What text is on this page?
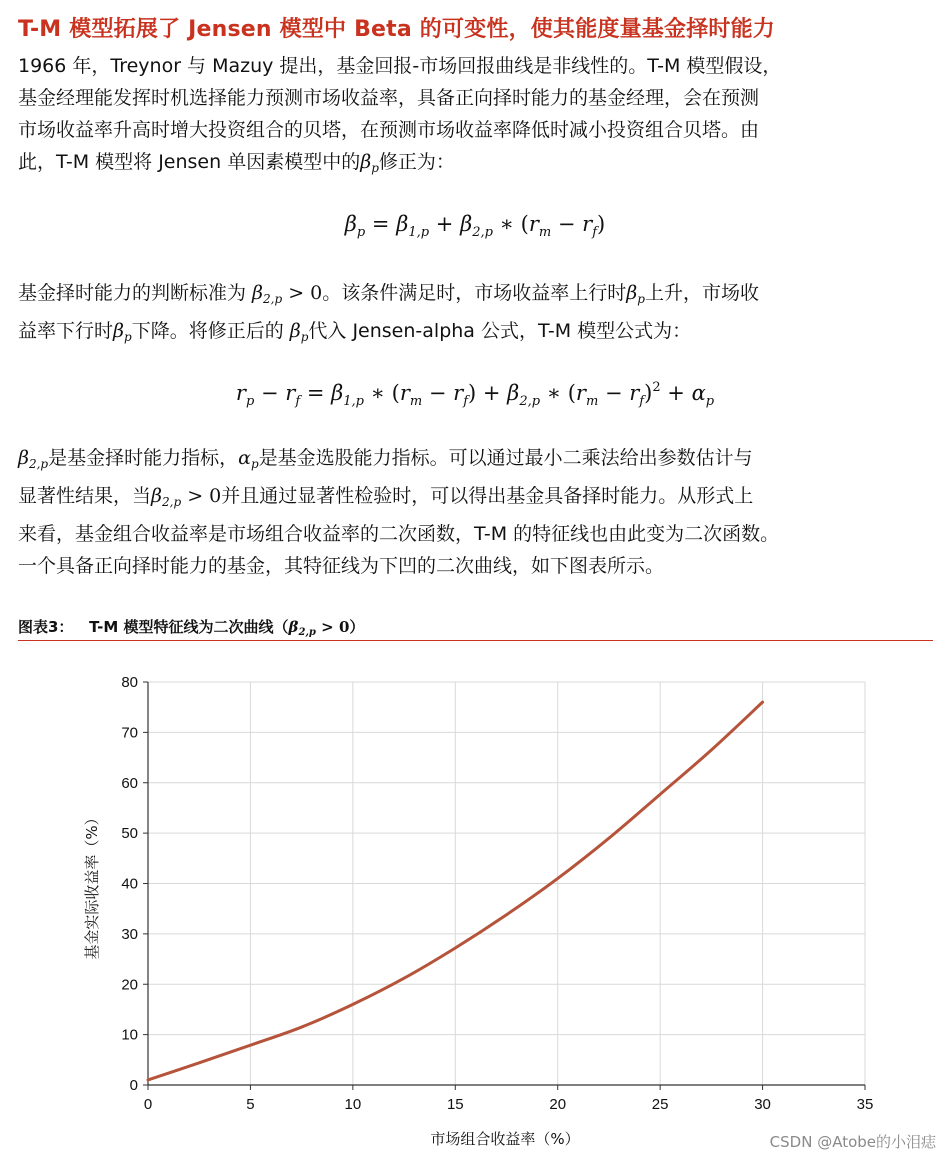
T-M 模型拓展了 Jensen 模型中 Beta 的可变性，使其能度量基金择时能力
1966 年，Treynor 与 Mazuy 提出，基金回报-市场回报曲线是非线性的。T-M 模型假设，
基金经理能发挥时机选择能力预测市场收益率，具备正向择时能力的基金经理，会在预测
市场收益率升高时增大投资组合的贝塔，在预测市场收益率降低时减小投资组合贝塔。由
此，T-M 模型将 Jensen 单因素模型中的$\beta_p$修正为：
$\beta_p = \beta_{1,p} + \beta_{2,p}$ ∗ $(r_m - r_f)$
基金择时能力的判断标准为 $\beta_{2,p} > 0$。该条件满足时，市场收益率上行时$\beta_p$上升，市场收
益率下行时$\beta_p$下降。将修正后的 $\beta_p$代入 Jensen-alpha 公式，T-M 模型公式为：
$r_p - r_f = \beta_{1,p}$ ∗ $(r_m - r_f) + \beta_{2,p}$ ∗ $(r_m - r_f)^2 + \alpha_p$
$\beta_{2,p}$是基金择时能力指标，$\alpha_p$是基金选股能力指标。可以通过最小二乘法给出参数估计与
显著性结果，当$\beta_{2,p} > 0$并且通过显著性检验时，可以得出基金具备择时能力。从形式上
来看，基金组合收益率是市场组合收益率的二次函数，T-M 的特征线也由此变为二次函数。
一个具备正向择时能力的基金，其特征线为下凹的二次曲线，如下图表所示。
图表3：   T-M 模型特征线为二次曲线$(\beta_{2,p} > 0)$
0	5	10	15	20	25	30	35
0
10
20
30
40
50
60
70
80
市场组合收益率（%）
基金实际收益率（%）
CSDN @Atobe的小泪痣
